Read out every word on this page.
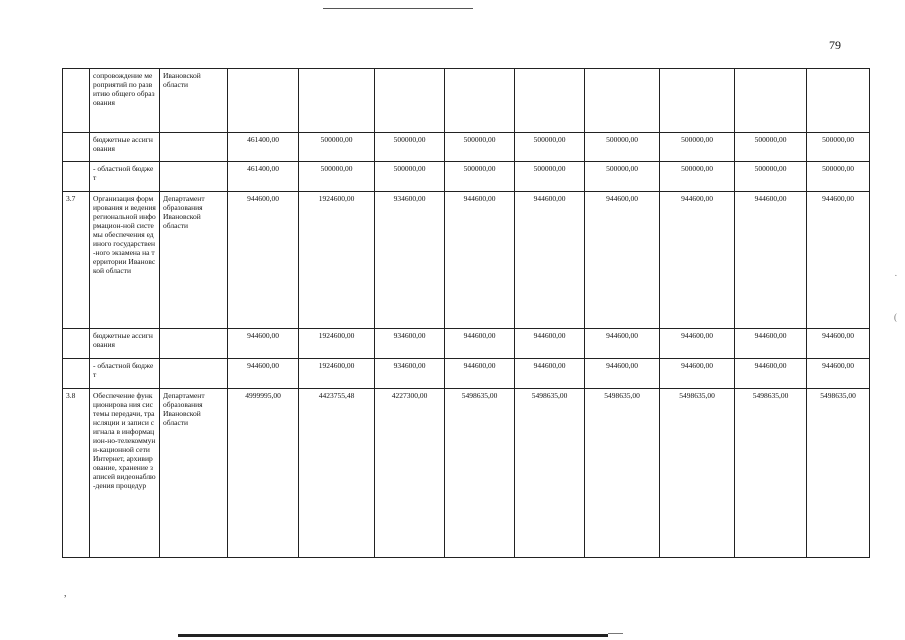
79
	сопровождение мероприятий по развитию общего образования	Ивановской области									
	бюджетные ассигнования		461400,00	500000,00	500000,00	500000,00	500000,00	500000,00	500000,00	500000,00	500000,00
	- областной бюджет		461400,00	500000,00	500000,00	500000,00	500000,00	500000,00	500000,00	500000,00	500000,00
3.7	Организация формирования и ведения региональной информацион-ной системы обеспечения единого государствен-ного экзамена на территории Ивановской области	Департамент образования Ивановской области	944600,00	1924600,00	934600,00	944600,00	944600,00	944600,00	944600,00	944600,00	944600,00
	бюджетные ассигнования		944600,00	1924600,00	934600,00	944600,00	944600,00	944600,00	944600,00	944600,00	944600,00
	- областной бюджет		944600,00	1924600,00	934600,00	944600,00	944600,00	944600,00	944600,00	944600,00	944600,00
3.8	Обеспечение функционирова ния системы передачи, трансляции и записи сигнала в информацион-но-телекоммуни-кационной сети Интернет, архивирование, хранение записей видеонаблю-дения процедур	Департамент образования Ивановской области	4999995,00	4423755,48	4227300,00	5498635,00	5498635,00	5498635,00	5498635,00	5498635,00	5498635,00
,
.
(
